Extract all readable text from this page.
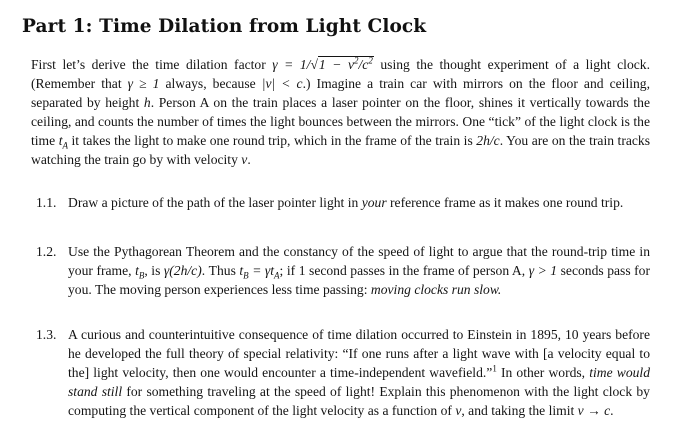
Part 1: Time Dilation from Light Clock

First let’s derive the time dilation factor $\gamma = 1/√1 - v^2/c^2$ using the thought experiment of a light clock. (Remember that γ ≥ 1 always, because |v| < c.) Imagine a train car with mirrors on the floor and ceiling, separated by height h. Person A on the train places a laser pointer on the floor, shines it vertically towards the ceiling, and counts the number of times the light bounces between the mirrors. One “tick” of the light clock is the time $t_A$ it takes the light to make one round trip, which in the frame of the train is 2h/c. You are on the train tracks watching the train go by with velocity v.

1.1. Draw a picture of the path of the laser pointer light in your reference frame as it makes one round trip.
1.2. Use the Pythagorean Theorem and the constancy of the speed of light to argue that the round-trip time in your frame, $t_B$, is γ(2h/c). Thus $t_B = \gamma t_A$; if 1 second passes in the frame of person A, γ > 1 seconds pass for you. The moving person experiences less time passing: moving clocks run slow.
1.3. A curious and counterintuitive consequence of time dilation occurred to Einstein in 1895, 10 years before he developed the full theory of special relativity: “If one runs after a light wave with [a velocity equal to the] light velocity, then one would encounter a time-independent wavefield.”$^1$ In other words, time would stand still for something traveling at the speed of light! Explain this phenomenon with the light clock by computing the vertical component of the light velocity as a function of v, and taking the limit v → c.
